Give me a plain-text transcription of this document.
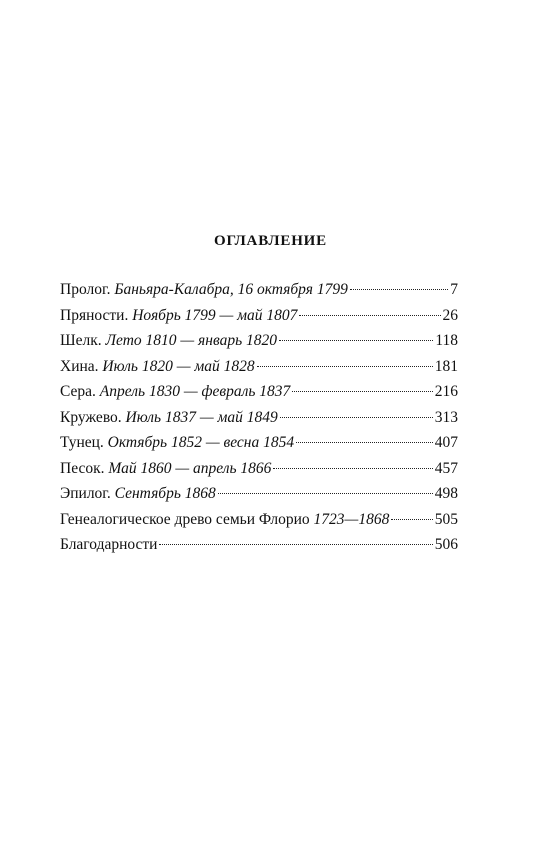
ОГЛАВЛЕНИЕ
Пролог. Баньяра-Калабра, 16 октября 1799	7
Пряности. Ноябрь 1799 — май 1807	26
Шелк. Лето 1810 — январь 1820	118
Хина. Июль 1820 — май 1828	181
Сера. Апрель 1830 — февраль 1837	216
Кружево. Июль 1837 — май 1849	313
Тунец. Октябрь 1852 — весна 1854	407
Песок. Май 1860 — апрель 1866	457
Эпилог. Сентябрь 1868	498
Генеалогическое древо семьи Флорио 1723—1868	505
Благодарности	506
